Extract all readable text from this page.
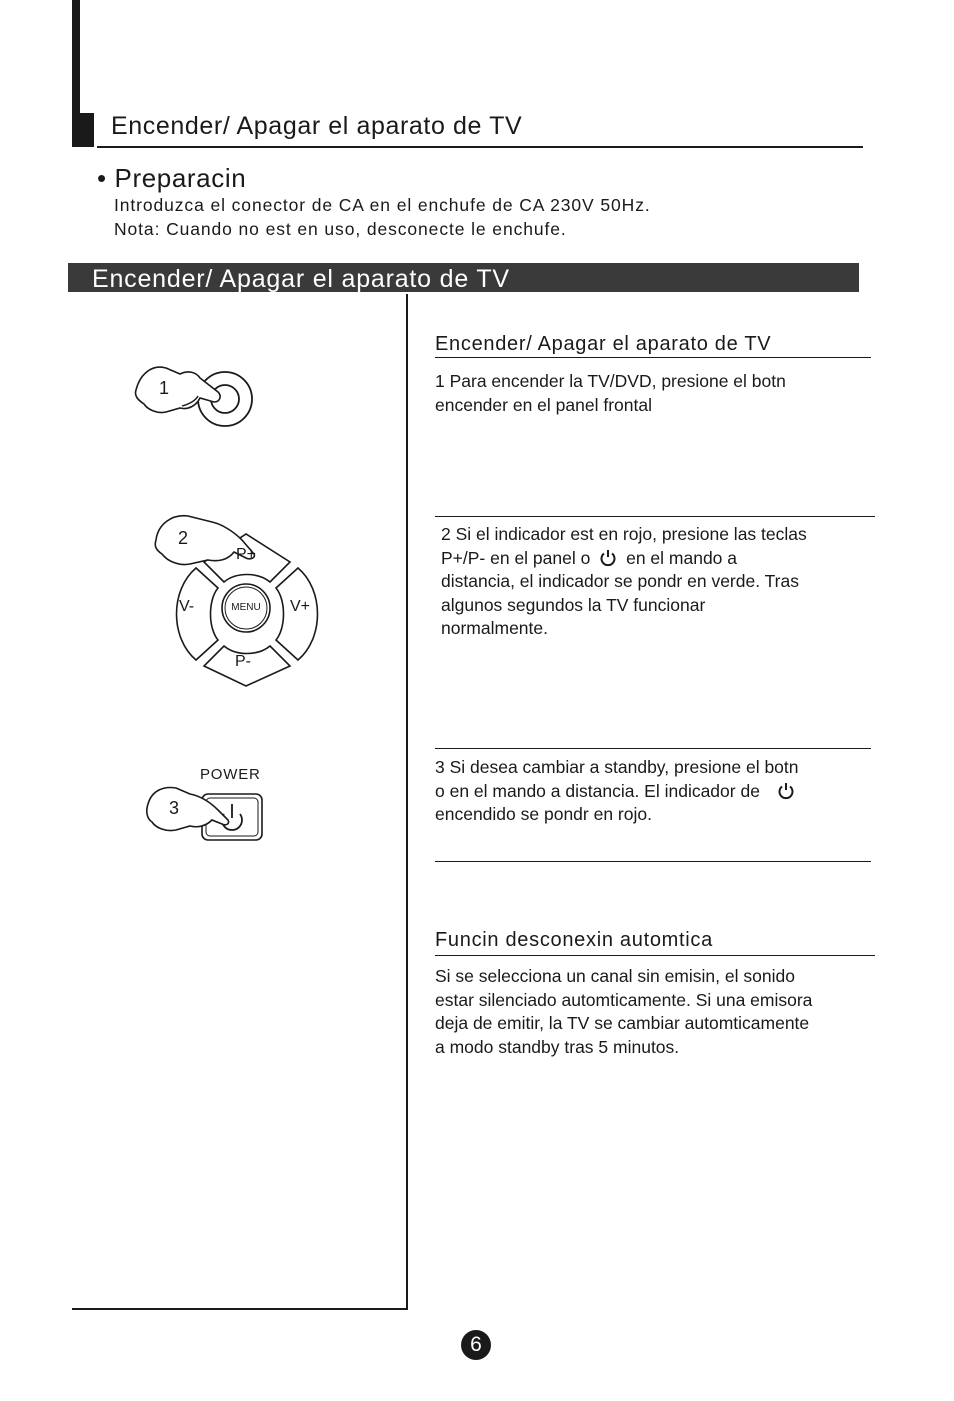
Encender/ Apagar el aparato de TV
• Preparacin
Introduzca el conector de CA en el enchufe de CA 230V 50Hz.
Nota: Cuando no est en uso, desconecte le enchufe.
Encender/ Apagar el aparato de TV
1
2
P+
P-
V-	V+
MENU
POWER
3
Encender/ Apagar el aparato de TV
1 Para encender la TV/DVD, presione el botn
encender en el panel frontal
2 Si el indicador est en rojo, presione las teclas
P+/P- en el panel o en el mando a
distancia, el indicador se pondr en verde. Tras
algunos segundos la TV funcionar
normalmente.
3 Si desea cambiar a standby, presione el botn
o en el mando a distancia. El indicador de
encendido se pondr en rojo.
Funcin desconexin automtica
Si se selecciona un canal sin emisin, el sonido
estar silenciado automticamente. Si una emisora
deja de emitir, la TV se cambiar automticamente
a modo standby tras 5 minutos.
6
